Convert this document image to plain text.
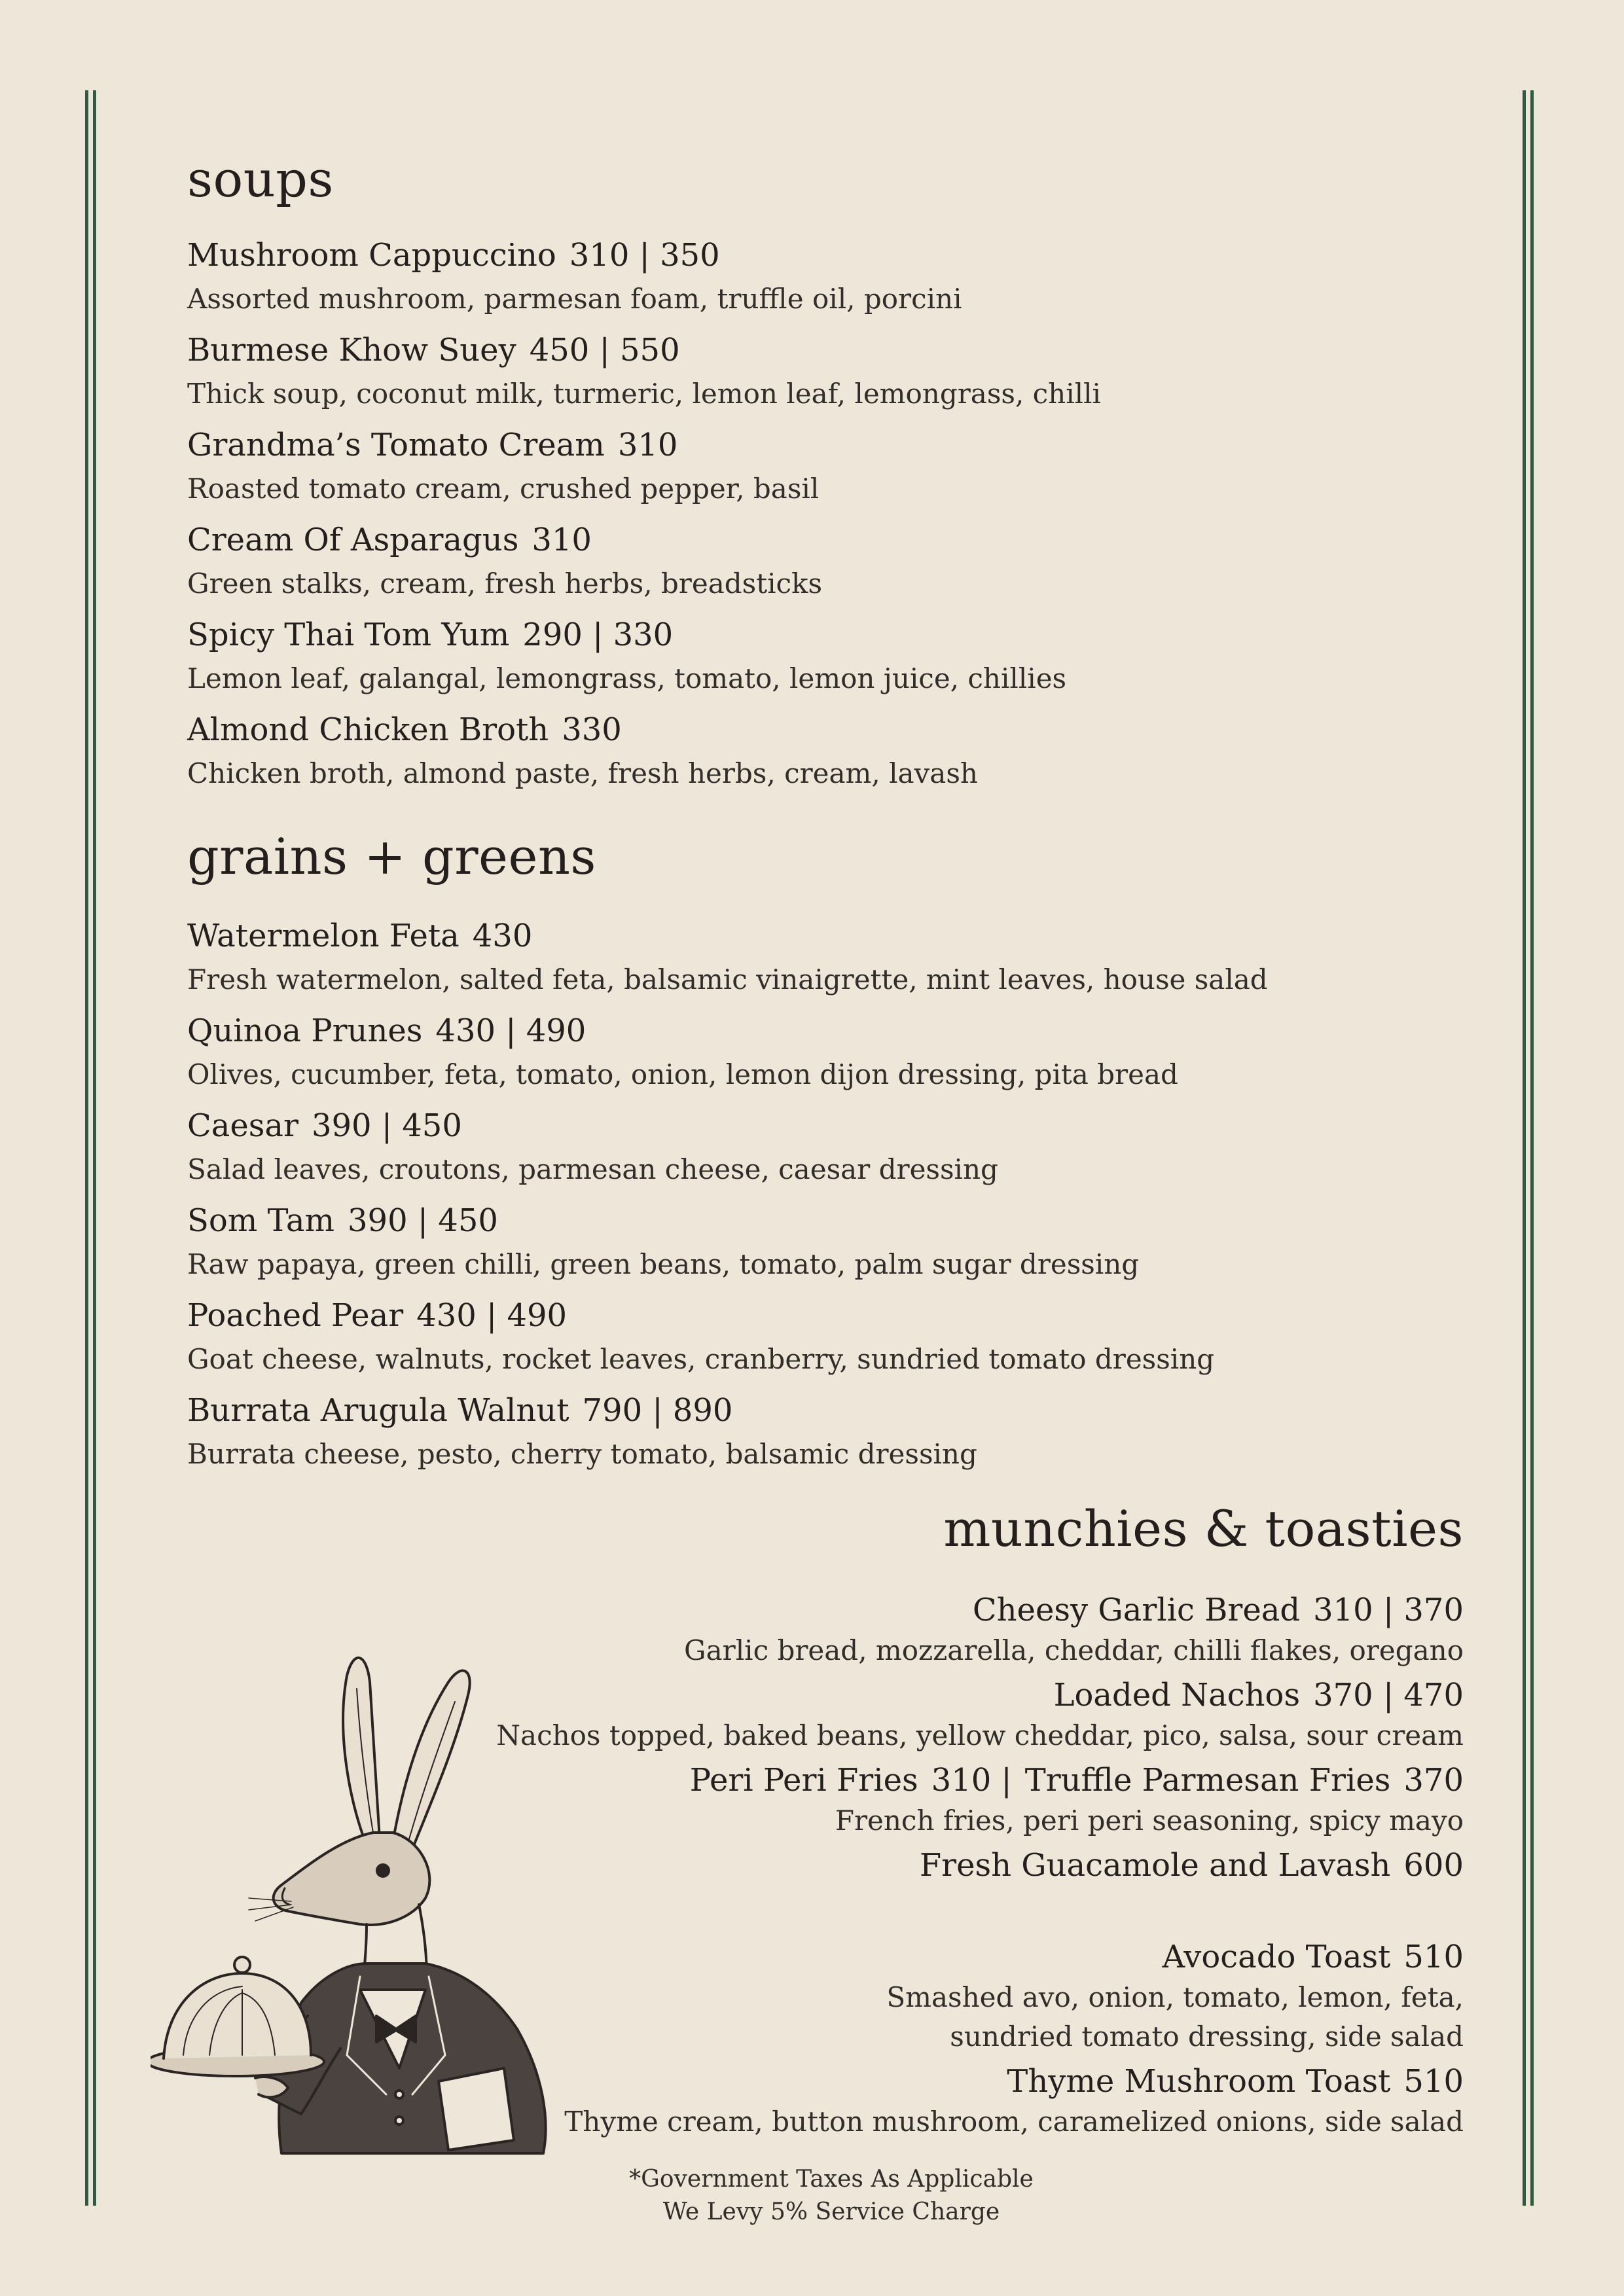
soups
Mushroom Cappuccino 310 | 350
Assorted mushroom, parmesan foam, truffle oil, porcini
Burmese Khow Suey 450 | 550
Thick soup, coconut milk, turmeric, lemon leaf, lemongrass, chilli
Grandma’s Tomato Cream 310
Roasted tomato cream, crushed pepper, basil
Cream Of Asparagus 310
Green stalks, cream, fresh herbs, breadsticks
Spicy Thai Tom Yum 290 | 330
Lemon leaf, galangal, lemongrass, tomato, lemon juice, chillies
Almond Chicken Broth 330
Chicken broth, almond paste, fresh herbs, cream, lavash
grains + greens
Watermelon Feta 430
Fresh watermelon, salted feta, balsamic vinaigrette, mint leaves, house salad
Quinoa Prunes 430 | 490
Olives, cucumber, feta, tomato, onion, lemon dijon dressing, pita bread
Caesar 390 | 450
Salad leaves, croutons, parmesan cheese, caesar dressing
Som Tam 390 | 450
Raw papaya, green chilli, green beans, tomato, palm sugar dressing
Poached Pear 430 | 490
Goat cheese, walnuts, rocket leaves, cranberry, sundried tomato dressing
Burrata Arugula Walnut 790 | 890
Burrata cheese, pesto, cherry tomato, balsamic dressing
munchies & toasties
Cheesy Garlic Bread 310 | 370
Garlic bread, mozzarella, cheddar, chilli flakes, oregano
Loaded Nachos 370 | 470
Nachos topped, baked beans, yellow cheddar, pico, salsa, sour cream
Peri Peri Fries 310 | Truffle Parmesan Fries 370
French fries, peri peri seasoning, spicy mayo
Fresh Guacamole and Lavash 600
Avocado Toast 510
Smashed avo, onion, tomato, lemon, feta,
sundried tomato dressing, side salad
Thyme Mushroom Toast 510
Thyme cream, button mushroom, caramelized onions, side salad
*Government Taxes As Applicable
We Levy 5% Service Charge
